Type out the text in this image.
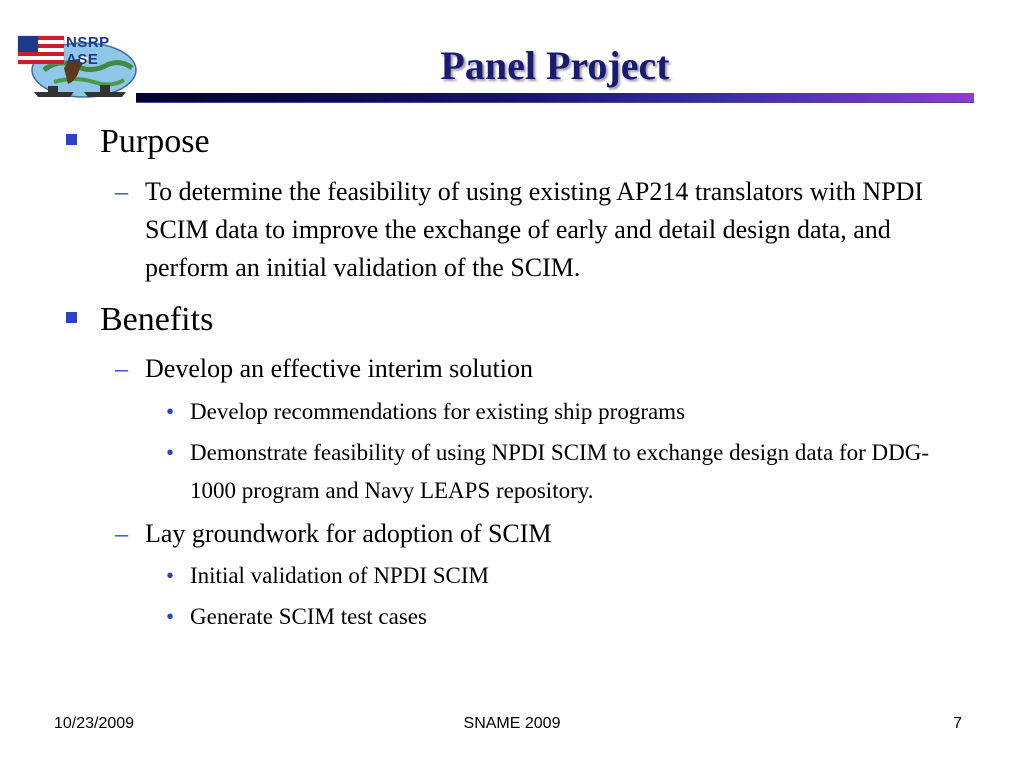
NSRP ASE	Panel Project
Purpose
– To determine the feasibility of using existing AP214 translators with NPDI SCIM data to improve the exchange of early and detail design data, and perform an initial validation of the SCIM.
Benefits
– Develop an effective interim solution
• Develop recommendations for existing ship programs
• Demonstrate feasibility of using NPDI SCIM to exchange design data for DDG-1000 program and Navy LEAPS repository.
– Lay groundwork for adoption of SCIM
• Initial validation of NPDI SCIM
• Generate SCIM test cases
10/23/2009	SNAME 2009	7
